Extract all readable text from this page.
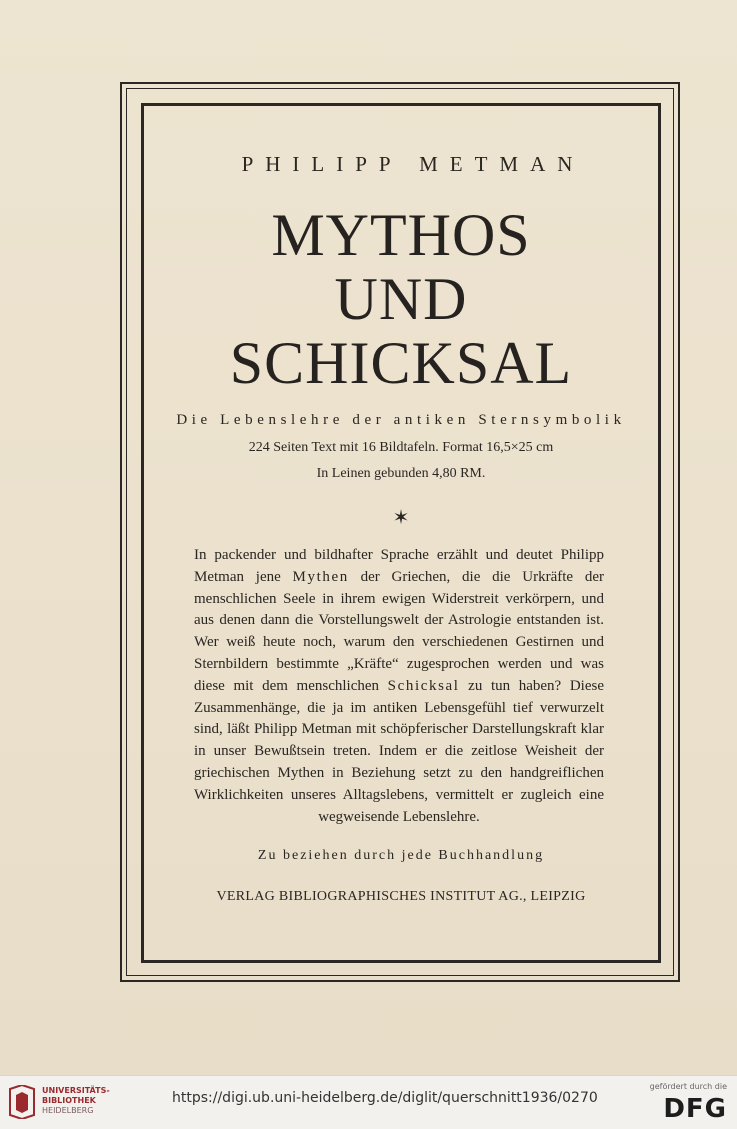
PHILIPP METMAN
MYTHOS
UND
SCHICKSAL
Die Lebenslehre der antiken Sternsymbolik
224 Seiten Text mit 16 Bildtafeln. Format 16,5×25 cm
In Leinen gebunden 4,80 RM.
✶
In packender und bildhafter Sprache erzählt und deutet Philipp Metman jene Mythen der Griechen, die die Urkräfte der menschlichen Seele in ihrem ewigen Widerstreit verkörpern, und aus denen dann die Vorstellungswelt der Astrologie entstanden ist. Wer weiß heute noch, warum den verschiedenen Gestirnen und Sternbildern bestimmte „Kräfte“ zugesprochen werden und was diese mit dem menschlichen Schicksal zu tun haben? Diese Zusammenhänge, die ja im antiken Lebensgefühl tief verwurzelt sind, läßt Philipp Metman mit schöpferischer Darstellungskraft klar in unser Bewußtsein treten. Indem er die zeitlose Weisheit der griechischen Mythen in Beziehung setzt zu den handgreiflichen Wirklichkeiten unseres Alltagslebens, vermittelt er zugleich eine wegweisende Lebenslehre.
Zu beziehen durch jede Buchhandlung
VERLAG BIBLIOGRAPHISCHES INSTITUT AG., LEIPZIG
UNIVERSITÄTS-
BIBLIOTHEK
HEIDELBERG
https://digi.ub.uni-heidelberg.de/diglit/querschnitt1936/0270
gefördert durch die
DFG
